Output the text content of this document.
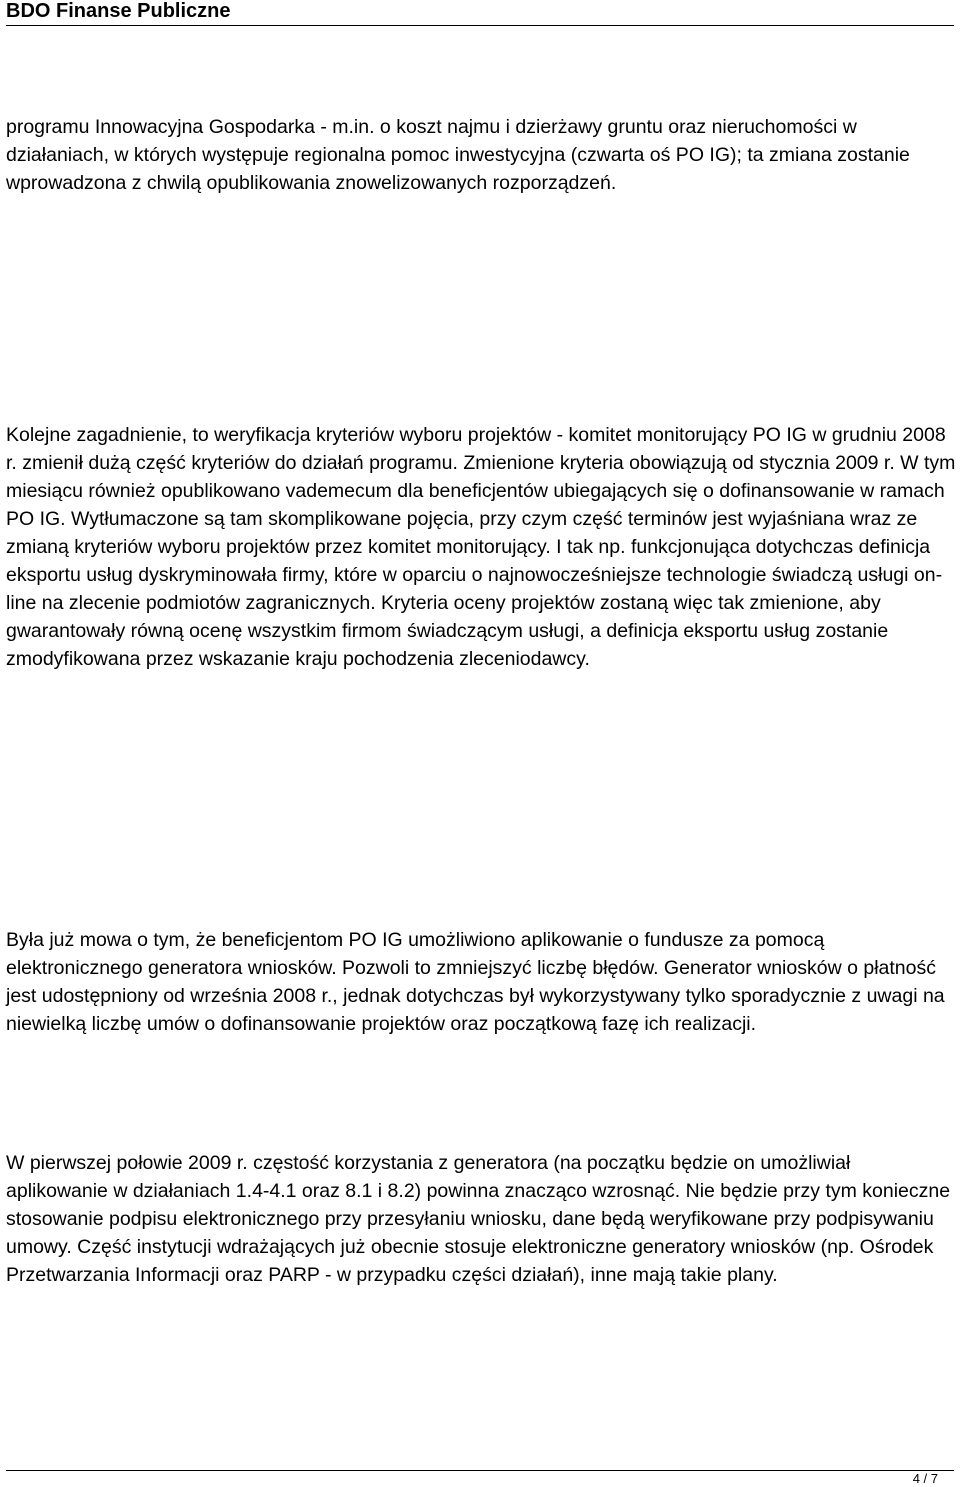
BDO Finanse Publiczne

programu Innowacyjna Gospodarka - m.in. o koszt najmu i dzierżawy gruntu oraz nieruchomości w działaniach, w których występuje regionalna pomoc inwestycyjna (czwarta oś PO IG); ta zmiana zostanie wprowadzona z chwilą opublikowania znowelizowanych rozporządzeń.

Kolejne zagadnienie, to weryfikacja kryteriów wyboru projektów - komitet monitorujący PO IG w grudniu 2008 r. zmienił dużą część kryteriów do działań programu. Zmienione kryteria obowiązują od stycznia 2009 r. W tym miesiącu również opublikowano vademecum dla beneficjentów ubiegających się o dofinansowanie w ramach PO IG. Wytłumaczone są tam skomplikowane pojęcia, przy czym część terminów jest wyjaśniana wraz ze zmianą kryteriów wyboru projektów przez komitet monitorujący. I tak np. funkcjonująca dotychczas definicja eksportu usług dyskryminowała firmy, które w oparciu o najnowocześniejsze technologie świadczą usługi on-line na zlecenie podmiotów zagranicznych. Kryteria oceny projektów zostaną więc tak zmienione, aby gwarantowały równą ocenę wszystkim firmom świadczącym usługi, a definicja eksportu usług zostanie zmodyfikowana przez wskazanie kraju pochodzenia zleceniodawcy.

Była już mowa o tym, że beneficjentom PO IG umożliwiono aplikowanie o fundusze za pomocą elektronicznego generatora wniosków. Pozwoli to zmniejszyć liczbę błędów. Generator wniosków o płatność jest udostępniony od września 2008 r., jednak dotychczas był wykorzystywany tylko sporadycznie z uwagi na niewielką liczbę umów o dofinansowanie projektów oraz początkową fazę ich realizacji.

W pierwszej połowie 2009 r. częstość korzystania z generatora (na początku będzie on umożliwiał aplikowanie w działaniach 1.4-4.1 oraz 8.1 i 8.2) powinna znacząco wzrosnąć. Nie będzie przy tym konieczne stosowanie podpisu elektronicznego przy przesyłaniu wniosku, dane będą weryfikowane przy podpisywaniu umowy. Część instytucji wdrażających już obecnie stosuje elektroniczne generatory wniosków (np. Ośrodek Przetwarzania Informacji oraz PARP - w przypadku części działań), inne mają takie plany.

4 / 7
